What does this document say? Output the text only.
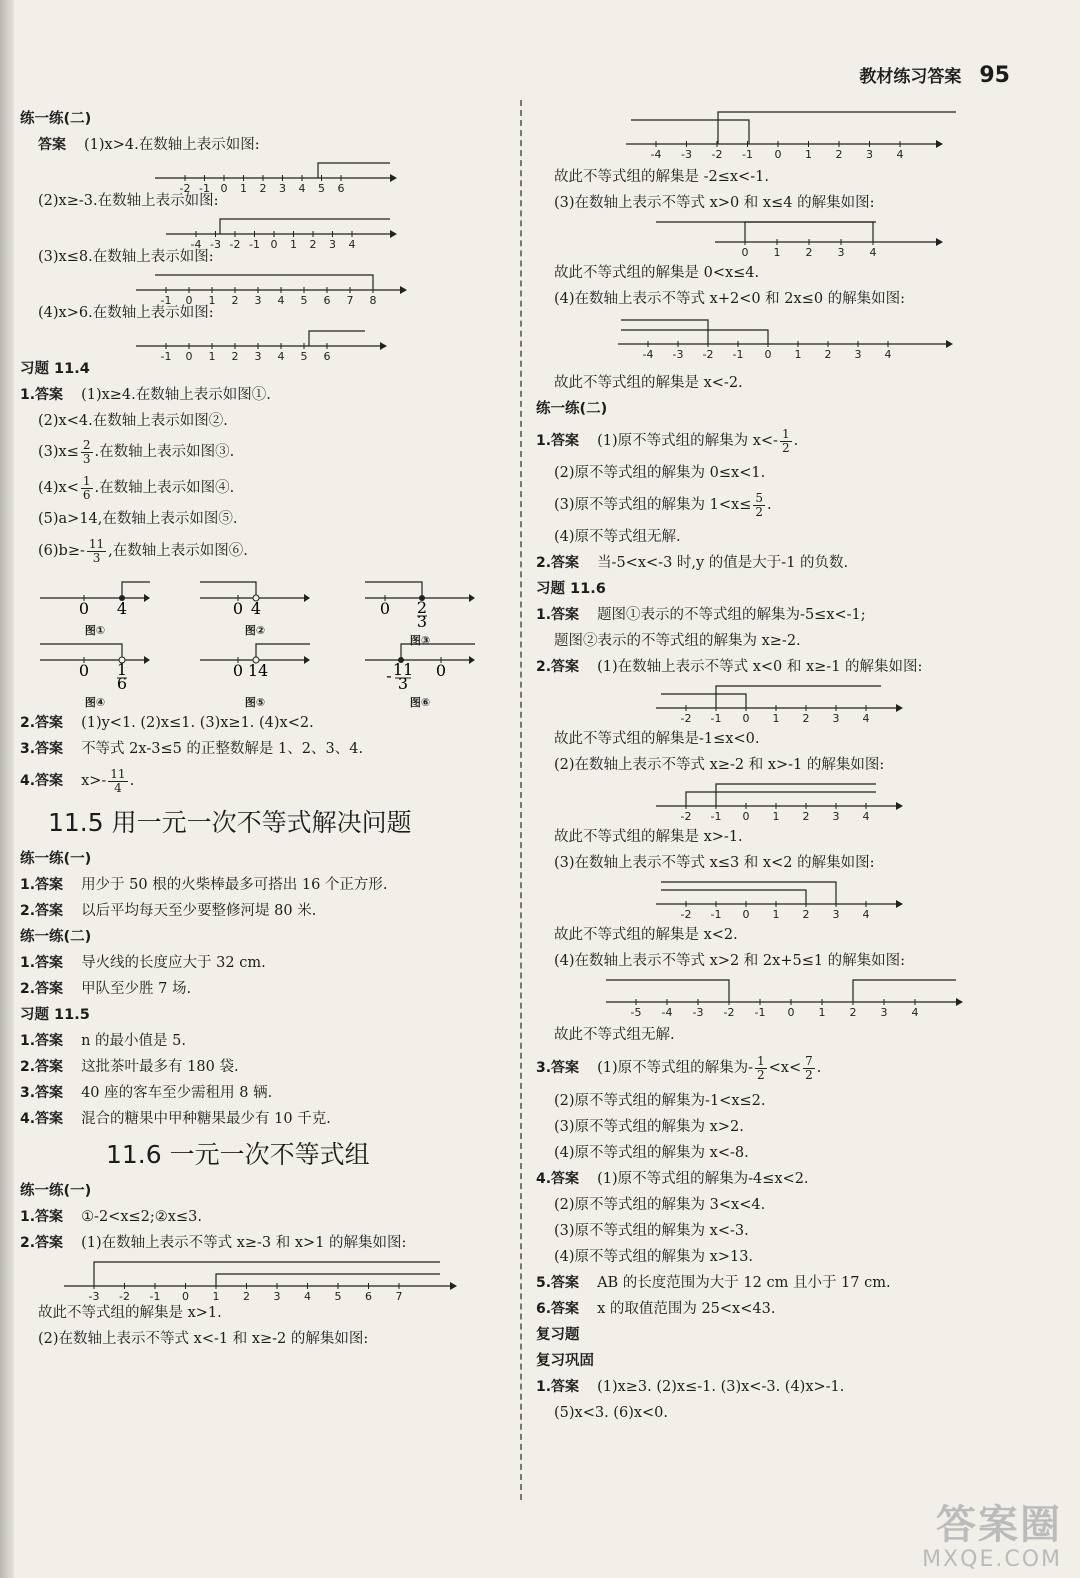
教材练习答案 95
练一练(二)
答案 (1)x>4.在数轴上表示如图:
-2 -1 0 1 2 3 4 5 6
(2)x≥-3.在数轴上表示如图:
-4 -3 -2 -1 0 1 2 3 4
(3)x≤8.在数轴上表示如图:
-1 0 1 2 3 4 5 6 7 8
(4)x>6.在数轴上表示如图:
-1 0 1 2 3 4 5 6
习题 11.4
1.答案 (1)x≥4.在数轴上表示如图①.
(2)x<4.在数轴上表示如图②.
$(3)x\le \frac{2}{3}$ .在数轴上表示如图③.
$(4)x< \frac{1}{6}$ .在数轴上表示如图④.
(5)a>14,在数轴上表示如图⑤.
$(6)b\ge- \frac{11}{3}$ ,在数轴上表示如图⑥.
0 4
图①
0 4
图②
0 2
3
图③
0 1
6
图④
0 14
图⑤
- 11
3
0
图⑥
2.答案 (1)y<1. (2)x≤1. (3)x≥1. (4)x<2.
3.答案 不等式 2x-3≤5 的正整数解是 1、2、3、4.
4.答案 $x>- \frac{11}{4}$ .
11.5 用一元一次不等式解决问题
练一练(一)
1.答案 用少于 50 根的火柴棒最多可搭出 16 个正方形.
2.答案 以后平均每天至少要整修河堤 80 米.
练一练(二)
1.答案 导火线的长度应大于 32 cm.
2.答案 甲队至少胜 7 场.
习题 11.5
1.答案 n 的最小值是 5.
2.答案 这批茶叶最多有 180 袋.
3.答案 40 座的客车至少需租用 8 辆.
4.答案 混合的糖果中甲种糖果最少有 10 千克.
11.6 一元一次不等式组
练一练(一)
1.答案 ①-2<x≤2;②x≤3.
2.答案 (1)在数轴上表示不等式 x≥-3 和 x>1 的解集如图:
-3 -2 -1 0 1 2 3 4 5 6 7
故此不等式组的解集是 x>1.
(2)在数轴上表示不等式 x<-1 和 x≥-2 的解集如图:
-4 -3 -2 -1 0 1 2 3 4
故此不等式组的解集是 -2≤x<-1.
(3)在数轴上表示不等式 x>0 和 x≤4 的解集如图:
0 1 2 3 4
故此不等式组的解集是 0<x≤4.
(4)在数轴上表示不等式 x+2<0 和 2x≤0 的解集如图:
-4 -3 -2 -1 0 1 2 3 4
故此不等式组的解集是 x<-2.
练一练(二)
1.答案 (1)原不等式组的解集为 $x<- \frac{1}{2}$ .
(2)原不等式组的解集为 0≤x<1.
(3)原不等式组的解集为 $1<x\le \frac{5}{2}$ .
(4)原不等式组无解.
2.答案 当-5<x<-3 时,y 的值是大于-1 的负数.
习题 11.6
1.答案 题图①表示的不等式组的解集为-5≤x<-1;
题图②表示的不等式组的解集为 x≥-2.
2.答案 (1)在数轴上表示不等式 x<0 和 x≥-1 的解集如图:
-2 -1 0 1 2 3 4
故此不等式组的解集是-1≤x<0.
(2)在数轴上表示不等式 x≥-2 和 x>-1 的解集如图:
-2 -1 0 1 2 3 4
故此不等式组的解集是 x>-1.
(3)在数轴上表示不等式 x≤3 和 x<2 的解集如图:
-2 -1 0 1 2 3 4
故此不等式组的解集是 x<2.
(4)在数轴上表示不等式 x>2 和 2x+5≤1 的解集如图:
-5 -4 -3 -2 -1 0 1 2 3 4
故此不等式组无解.
3.答案 (1)原不等式组的解集为- $\frac{1}{2} <x< \frac{7}{2}$ .
(2)原不等式组的解集为-1<x≤2.
(3)原不等式组的解集为 x>2.
(4)原不等式组的解集为 x<-8.
4.答案 (1)原不等式组的解集为-4≤x<2.
(2)原不等式组的解集为 3<x<4.
(3)原不等式组的解集为 x<-3.
(4)原不等式组的解集为 x>13.
5.答案 AB 的长度范围为大于 12 cm 且小于 17 cm.
6.答案 x 的取值范围为 25<x<43.
复习题
复习巩固
1.答案 (1)x≥3. (2)x≤-1. (3)x<-3. (4)x>-1.
(5)x<3. (6)x<0.
答案圈
MXQE.COM
